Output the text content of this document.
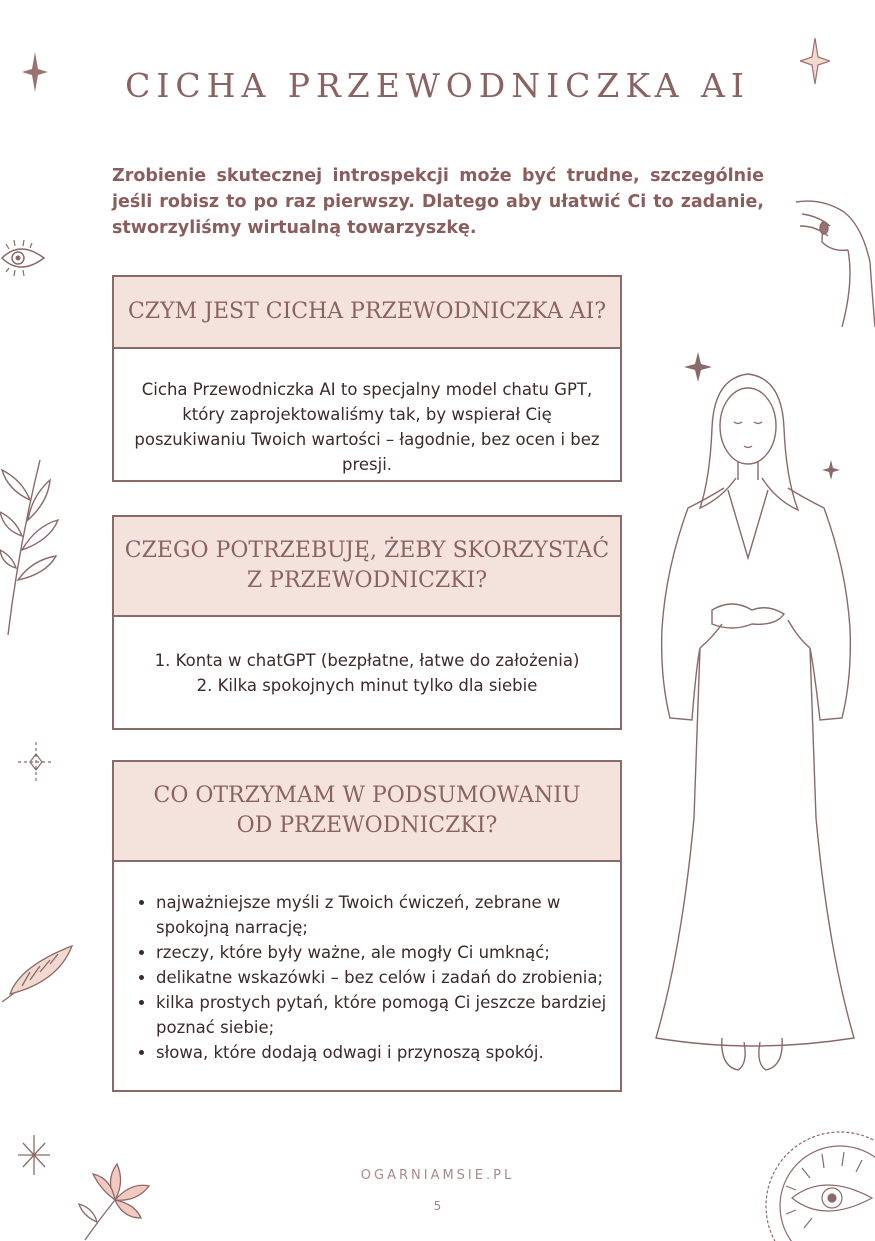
CICHA PRZEWODNICZKA AI

Zrobienie skutecznej introspekcji może być trudne, szczególnie jeśli robisz to po raz pierwszy. Dlatego aby ułatwić Ci to zadanie, stworzyliśmy wirtualną towarzyszkę.

CZYM JEST CICHA PRZEWODNICZKA AI?
Cicha Przewodniczka AI to specjalny model chatu GPT, który zaprojektowaliśmy tak, by wspierał Cię poszukiwaniu Twoich wartości – łagodnie, bez ocen i bez presji.
CZEGO POTRZEBUJĘ, ŻEBY SKORZYSTAĆ
Z PRZEWODNICZKI?
1. Konta w chatGPT (bezpłatne, łatwe do założenia)
2. Kilka spokojnych minut tylko dla siebie
CO OTRZYMAM W PODSUMOWANIU
OD PRZEWODNICZKI?
• najważniejsze myśli z Twoich ćwiczeń, zebrane w spokojną narrację;
• rzeczy, które były ważne, ale mogły Ci umknąć;
• delikatne wskazówki – bez celów i zadań do zrobienia;
• kilka prostych pytań, które pomogą Ci jeszcze bardziej poznać siebie;
• słowa, które dodają odwagi i przynoszą spokój.
OGARNIAMSIE.PL
5
